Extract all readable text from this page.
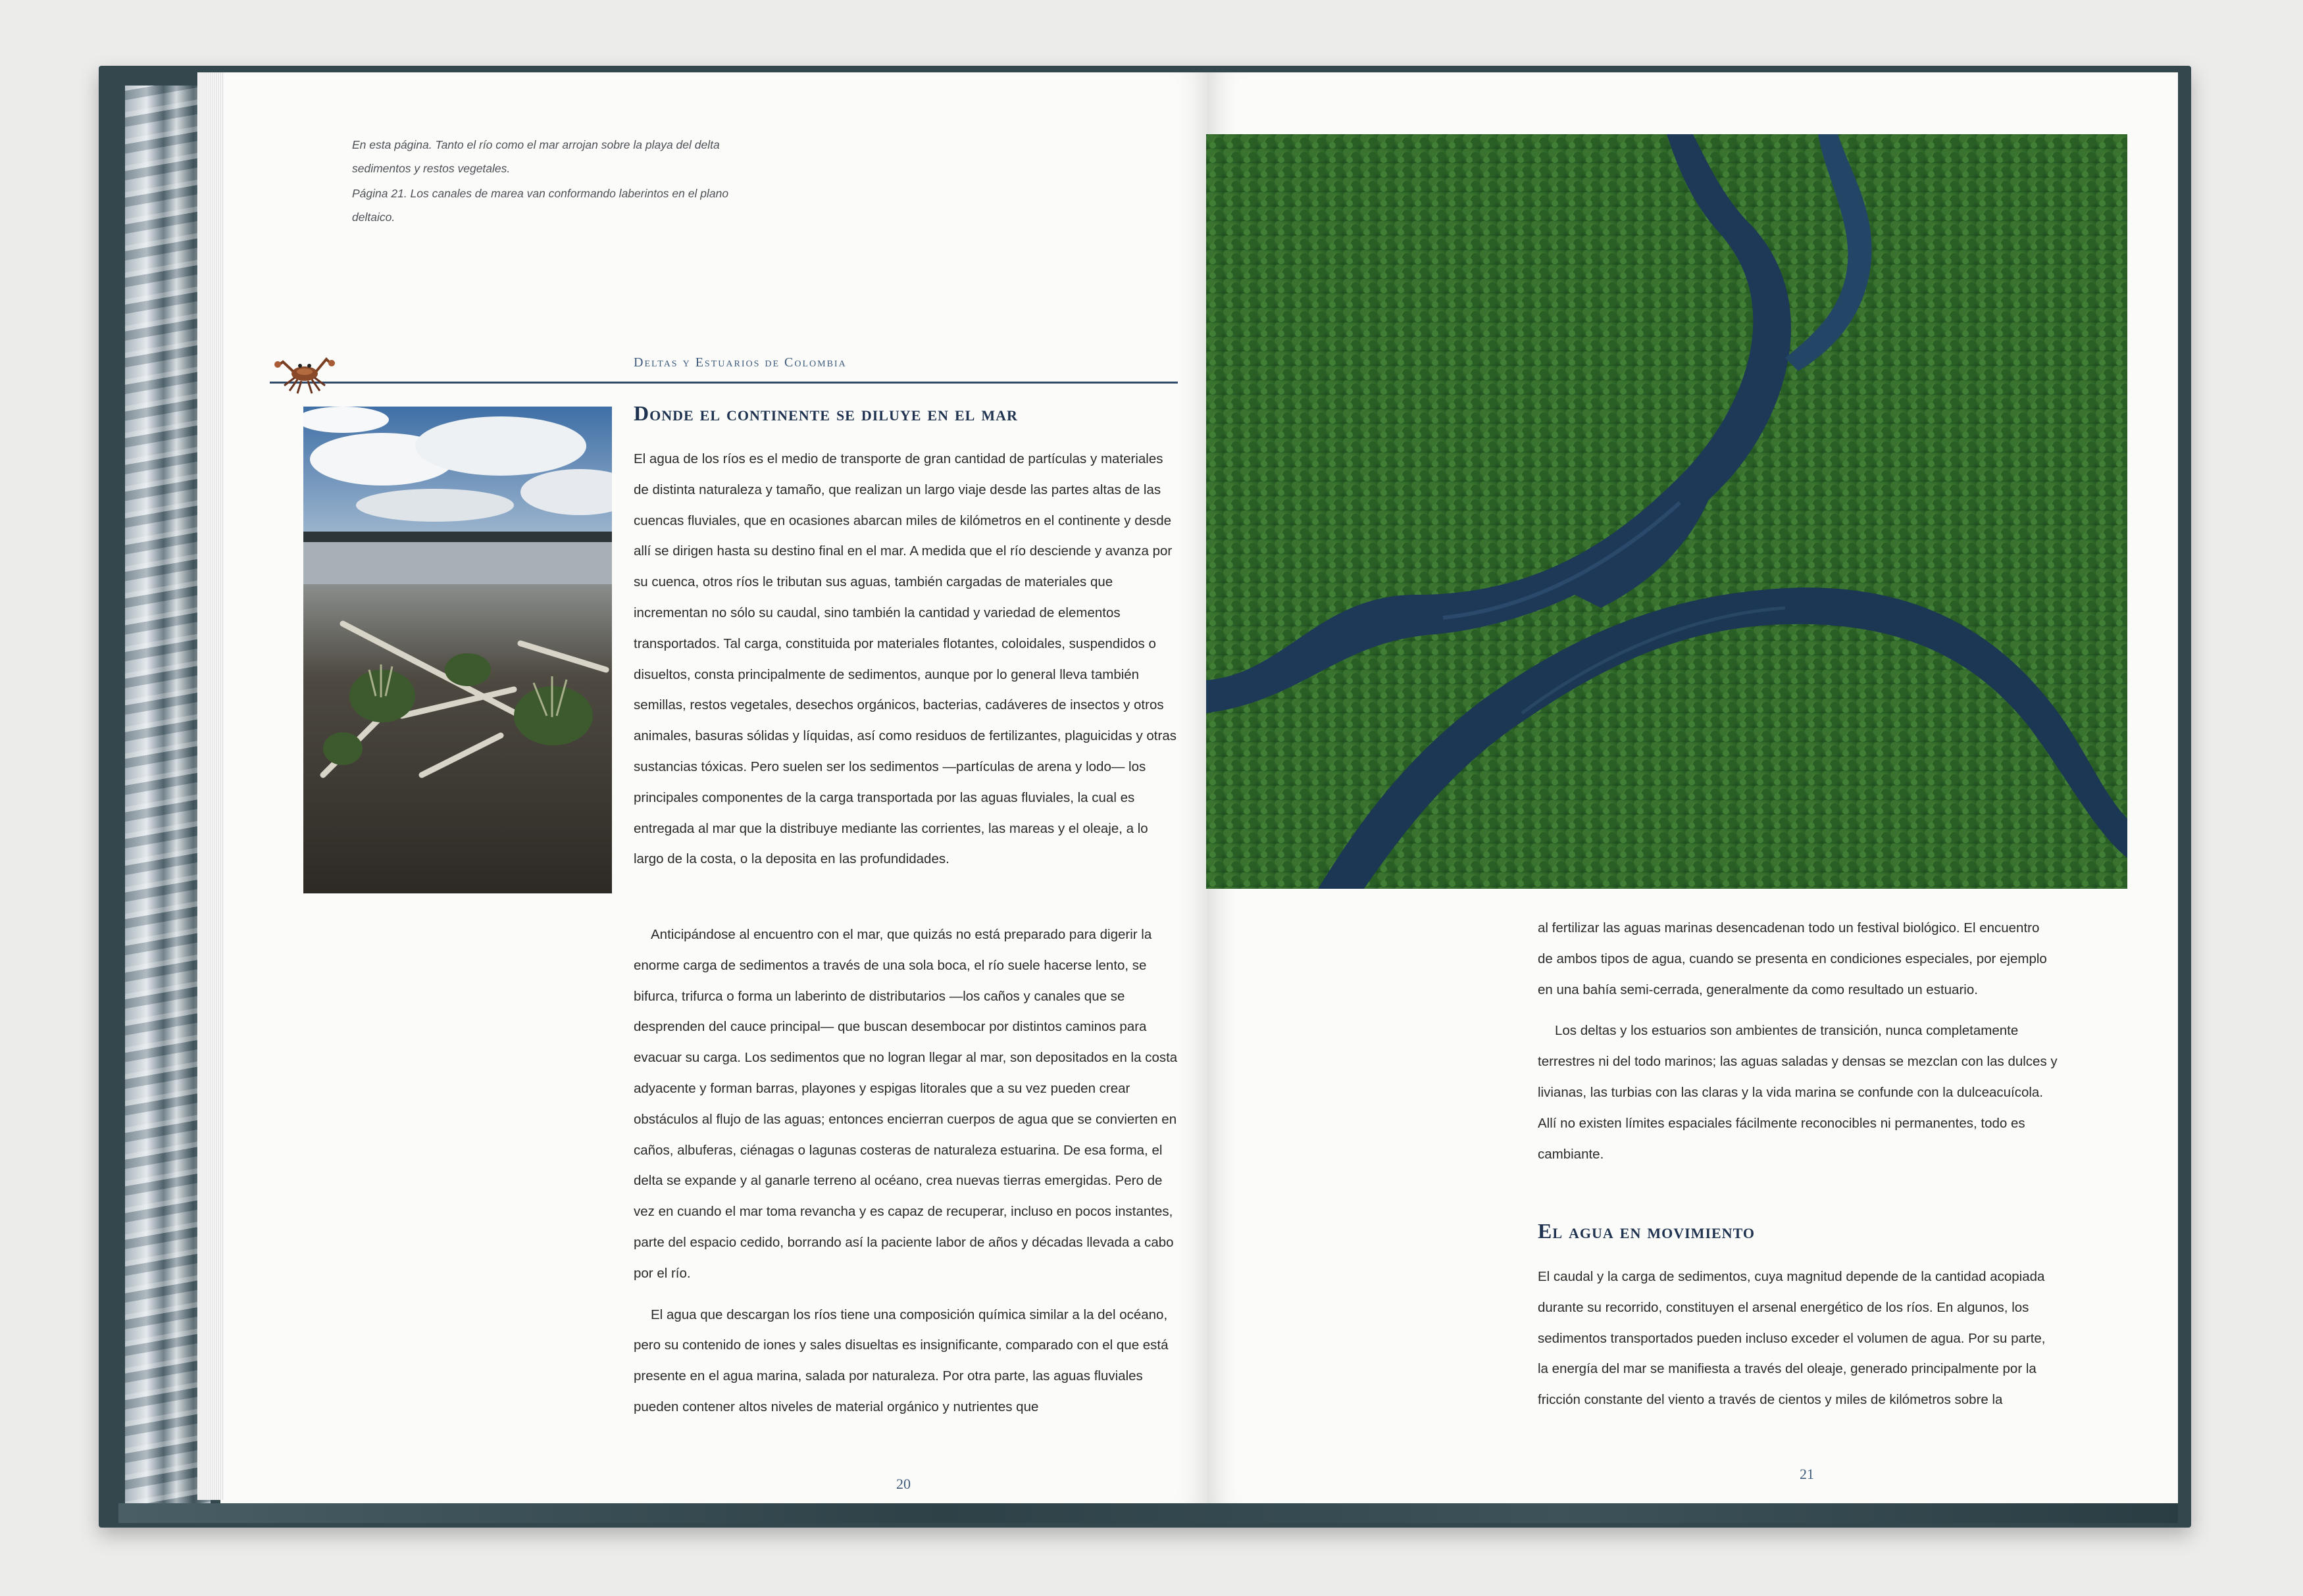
En esta página. Tanto el río como el mar arrojan sobre la playa del delta sedimentos y restos vegetales.

Página 21. Los canales de marea van conformando laberintos en el plano deltaico.

Deltas y Estuarios de Colombia
Donde el continente se diluye en el mar

El agua de los ríos es el medio de transporte de gran cantidad de partículas y materiales de distinta naturaleza y tamaño, que realizan un largo viaje desde las partes altas de las cuencas fluviales, que en ocasiones abarcan miles de kilómetros en el continente y desde allí se dirigen hasta su destino final en el mar. A medida que el río desciende y avanza por su cuenca, otros ríos le tributan sus aguas, también cargadas de materiales que incrementan no sólo su caudal, sino también la cantidad y variedad de elementos transportados. Tal carga, constituida por materiales flotantes, coloidales, suspendidos o disueltos, consta principalmente de sedimentos, aunque por lo general lleva también semillas, restos vegetales, desechos orgánicos, bacterias, cadáveres de insectos y otros animales, basuras sólidas y líquidas, así como residuos de fertilizantes, plaguicidas y otras sustancias tóxicas. Pero suelen ser los sedimentos —partículas de arena y lodo— los principales componentes de la carga transportada por las aguas fluviales, la cual es entregada al mar que la distribuye mediante las corrientes, las mareas y el oleaje, a lo largo de la costa, o la deposita en las profundidades.

Anticipándose al encuentro con el mar, que quizás no está preparado para digerir la enorme carga de sedimentos a través de una sola boca, el río suele hacerse lento, se bifurca, trifurca o forma un laberinto de distributarios —los caños y canales que se desprenden del cauce principal— que buscan desembocar por distintos caminos para evacuar su carga. Los sedimentos que no logran llegar al mar, son depositados en la costa adyacente y forman barras, playones y espigas litorales que a su vez pueden crear obstáculos al flujo de las aguas; entonces encierran cuerpos de agua que se convierten en caños, albuferas, ciénagas o lagunas costeras de naturaleza estuarina. De esa forma, el delta se expande y al ganarle terreno al océano, crea nuevas tierras emergidas. Pero de vez en cuando el mar toma revancha y es capaz de recuperar, incluso en pocos instantes, parte del espacio cedido, borrando así la paciente labor de años y décadas llevada a cabo por el río.

El agua que descargan los ríos tiene una composición química similar a la del océano, pero su contenido de iones y sales disueltas es insignificante, comparado con el que está presente en el agua marina, salada por naturaleza. Por otra parte, las aguas fluviales pueden contener altos niveles de material orgánico y nutrientes que

20

al fertilizar las aguas marinas desencadenan todo un festival biológico. El encuentro de ambos tipos de agua, cuando se presenta en condiciones especiales, por ejemplo en una bahía semi-cerrada, generalmente da como resultado un estuario.

Los deltas y los estuarios son ambientes de transición, nunca completamente terrestres ni del todo marinos; las aguas saladas y densas se mezclan con las dulces y livianas, las turbias con las claras y la vida marina se confunde con la dulceacuícola. Allí no existen límites espaciales fácilmente reconocibles ni permanentes, todo es cambiante.

El agua en movimiento

El caudal y la carga de sedimentos, cuya magnitud depende de la cantidad acopiada durante su recorrido, constituyen el arsenal energético de los ríos. En algunos, los sedimentos transportados pueden incluso exceder el volumen de agua. Por su parte, la energía del mar se manifiesta a través del oleaje, generado principalmente por la fricción constante del viento a través de cientos y miles de kilómetros sobre la

21
